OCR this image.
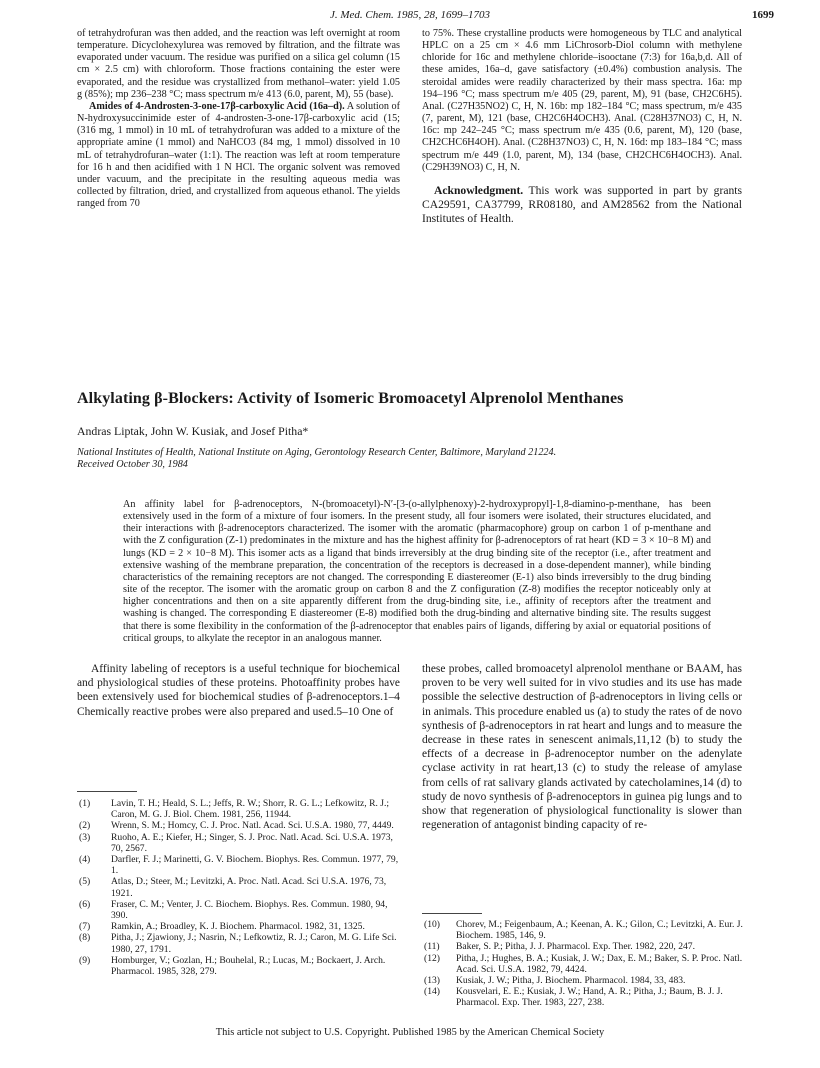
J. Med. Chem. 1985, 28, 1699–1703	1699

of tetrahydrofuran was then added, and the reaction was left overnight at room temperature. Dicyclohexylurea was removed by filtration, and the filtrate was evaporated under vacuum. The residue was purified on a silica gel column (15 cm × 2.5 cm) with chloroform. Those fractions containing the ester were evaporated, and the residue was crystallized from methanol–water: yield 1.05 g (85%); mp 236–238 °C; mass spectrum m/e 413 (6.0, parent, M), 55 (base).

Amides of 4-Androsten-3-one-17β-carboxylic Acid (16a–d). A solution of N-hydroxysuccinimide ester of 4-androsten-3-one-17β-carboxylic acid (15; (316 mg, 1 mmol) in 10 mL of tetrahydrofuran was added to a mixture of the appropriate amine (1 mmol) and NaHCO3 (84 mg, 1 mmol) dissolved in 10 mL of tetrahydrofuran–water (1:1). The reaction was left at room temperature for 16 h and then acidified with 1 N HCl. The organic solvent was removed under vacuum, and the precipitate in the resulting aqueous media was collected by filtration, dried, and crystallized from aqueous ethanol. The yields ranged from 70

to 75%. These crystalline products were homogeneous by TLC and analytical HPLC on a 25 cm × 4.6 mm LiChrosorb-Diol column with methylene chloride for 16c and methylene chloride–isooctane (7:3) for 16a,b,d. All of these amides, 16a–d, gave satisfactory (±0.4%) combustion analysis. The steroidal amides were readily characterized by their mass spectra. 16a: mp 194–196 °C; mass spectrum m/e 405 (29, parent, M), 91 (base, CH2C6H5). Anal. (C27H35NO2) C, H, N. 16b: mp 182–184 °C; mass spectrum, m/e 435 (7, parent, M), 121 (base, CH2C6H4OCH3). Anal. (C28H37NO3) C, H, N. 16c: mp 242–245 °C; mass spectrum m/e 435 (0.6, parent, M), 120 (base, CH2CHC6H4OH). Anal. (C28H37NO3) C, H, N. 16d: mp 183–184 °C; mass spectrum m/e 449 (1.0, parent, M), 134 (base, CH2CHC6H4OCH3). Anal. (C29H39NO3) C, H, N.

Acknowledgment. This work was supported in part by grants CA29591, CA37799, RR08180, and AM28562 from the National Institutes of Health.

Alkylating β-Blockers: Activity of Isomeric Bromoacetyl Alprenolol Menthanes
Andras Liptak, John W. Kusiak, and Josef Pitha*
National Institutes of Health, National Institute on Aging, Gerontology Research Center, Baltimore, Maryland 21224.
Received October 30, 1984
An affinity label for β-adrenoceptors, N-(bromoacetyl)-N′-[3-(o-allylphenoxy)-2-hydroxypropyl]-1,8-diamino-p-menthane, has been extensively used in the form of a mixture of four isomers. In the present study, all four isomers were isolated, their structures elucidated, and their interactions with β-adrenoceptors characterized. The isomer with the aromatic (pharmacophore) group on carbon 1 of p-menthane and with the Z configuration (Z-1) predominates in the mixture and has the highest affinity for β-adrenoceptors of rat heart (KD = 3 × 10−8 M) and lungs (KD = 2 × 10−8 M). This isomer acts as a ligand that binds irreversibly at the drug binding site of the receptor (i.e., after treatment and extensive washing of the membrane preparation, the concentration of the receptors is decreased in a dose-dependent manner), while binding characteristics of the remaining receptors are not changed. The corresponding E diastereomer (E-1) also binds irreversibly to the drug binding site of the receptor. The isomer with the aromatic group on carbon 8 and the Z configuration (Z-8) modifies the receptor noticeably only at higher concentrations and then on a site apparently different from the drug-binding site, i.e., affinity of receptors after the treatment and washing is changed. The corresponding E diastereomer (E-8) modified both the drug-binding and alternative binding site. The results suggest that there is some flexibility in the conformation of the β-adrenoceptor that enables pairs of ligands, differing by axial or equatorial positions of critical groups, to alkylate the receptor in an analogous manner.
Affinity labeling of receptors is a useful technique for biochemical and physiological studies of these proteins. Photoaffinity probes have been extensively used for biochemical studies of β-adrenoceptors.1–4 Chemically reactive probes were also prepared and used.5–10 One of
these probes, called bromoacetyl alprenolol menthane or BAAM, has proven to be very well suited for in vivo studies and its use has made possible the selective destruction of β-adrenoceptors in living cells or in animals. This procedure enabled us (a) to study the rates of de novo synthesis of β-adrenoceptors in rat heart and lungs and to measure the decrease in these rates in senescent animals,11,12 (b) to study the effects of a decrease in β-adrenoceptor number on the adenylate cyclase activity in rat heart,13 (c) to study the release of amylase from cells of rat salivary glands activated by catecholamines,14 (d) to study de novo synthesis of β-adrenoceptors in guinea pig lungs and to show that regeneration of physiological functionality is slower than regeneration of antagonist binding capacity of re-
(1) Lavin, T. H.; Heald, S. L.; Jeffs, R. W.; Shorr, R. G. L.; Lefkowitz, R. J.; Caron, M. G. J. Biol. Chem. 1981, 256, 11944.
(2) Wrenn, S. M.; Homcy, C. J. Proc. Natl. Acad. Sci. U.S.A. 1980, 77, 4449.
(3) Ruoho, A. E.; Kiefer, H.; Singer, S. J. Proc. Natl. Acad. Sci. U.S.A. 1973, 70, 2567.
(4) Darfler, F. J.; Marinetti, G. V. Biochem. Biophys. Res. Commun. 1977, 79, 1.
(5) Atlas, D.; Steer, M.; Levitzki, A. Proc. Natl. Acad. Sci U.S.A. 1976, 73, 1921.
(6) Fraser, C. M.; Venter, J. C. Biochem. Biophys. Res. Commun. 1980, 94, 390.
(7) Ramkin, A.; Broadley, K. J. Biochem. Pharmacol. 1982, 31, 1325.
(8) Pitha, J.; Zjawiony, J.; Nasrin, N.; Lefkowtiz, R. J.; Caron, M. G. Life Sci. 1980, 27, 1791.
(9) Homburger, V.; Gozlan, H.; Bouhelal, R.; Lucas, M.; Bockaert, J. Arch. Pharmacol. 1985, 328, 279.
(10) Chorev, M.; Feigenbaum, A.; Keenan, A. K.; Gilon, C.; Levitzki, A. Eur. J. Biochem. 1985, 146, 9.
(11) Baker, S. P.; Pitha, J. J. Pharmacol. Exp. Ther. 1982, 220, 247.
(12) Pitha, J.; Hughes, B. A.; Kusiak, J. W.; Dax, E. M.; Baker, S. P. Proc. Natl. Acad. Sci. U.S.A. 1982, 79, 4424.
(13) Kusiak, J. W.; Pitha, J. Biochem. Pharmacol. 1984, 33, 483.
(14) Kousvelari, E. E.; Kusiak, J. W.; Hand, A. R.; Pitha, J.; Baum, B. J. J. Pharmacol. Exp. Ther. 1983, 227, 238.
This article not subject to U.S. Copyright. Published 1985 by the American Chemical Society
